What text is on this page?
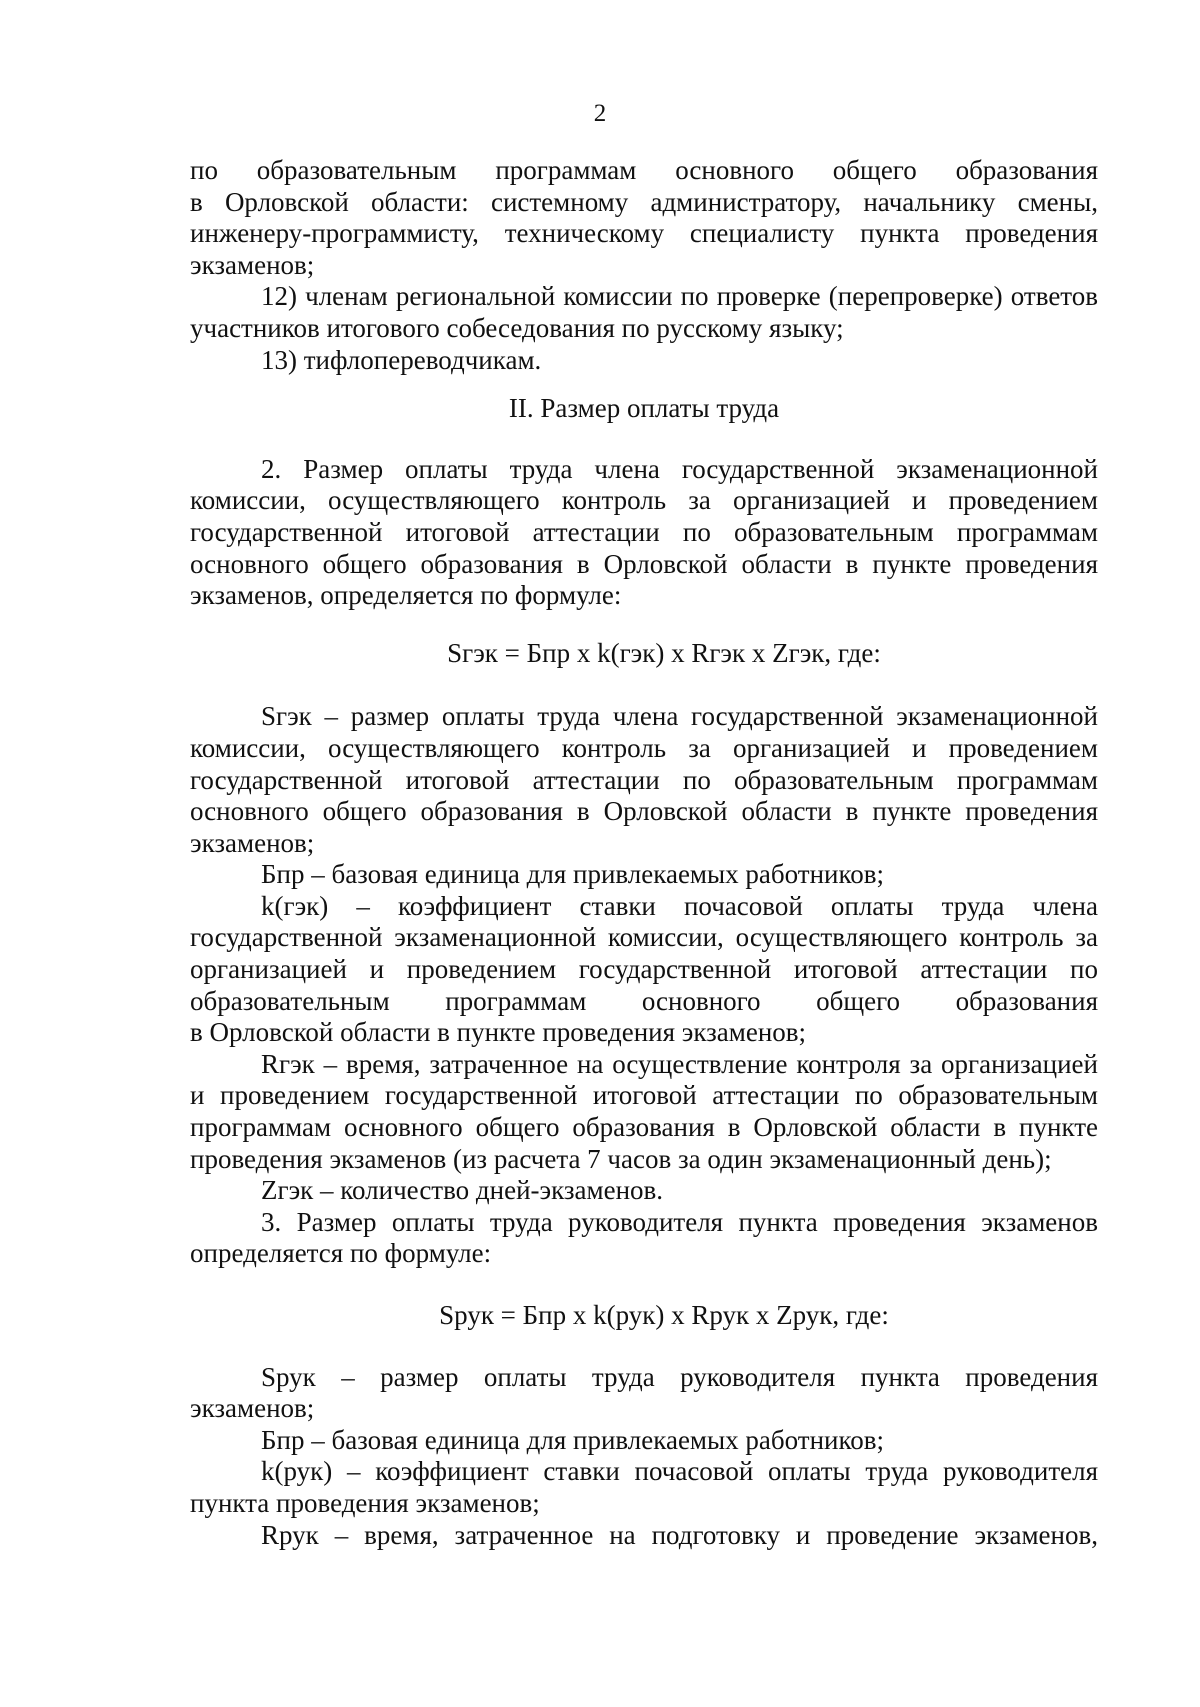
2

по образовательным программам основного общего образования

в Орловской области: системному администратору, начальнику смены, инженеру-программисту, техническому специалисту пункта проведения экзаменов;

12) членам региональной комиссии по проверке (перепроверке) ответов участников итогового собеседования по русскому языку;

13) тифлопереводчикам.

II. Размер оплаты труда

2. Размер оплаты труда члена государственной экзаменационной комиссии, осуществляющего контроль за организацией и проведением государственной итоговой аттестации по образовательным программам основного общего образования в Орловской области в пункте проведения экзаменов, определяется по формуле:

Sгэк = Бпр x k(гэк) x Rгэк x Zгэк, где:

Sгэк – размер оплаты труда члена государственной экзаменационной комиссии, осуществляющего контроль за организацией и проведением государственной итоговой аттестации по образовательным программам основного общего образования в Орловской области в пункте проведения экзаменов;

Бпр – базовая единица для привлекаемых работников;

k(гэк) – коэффициент ставки почасовой оплаты труда члена государственной экзаменационной комиссии, осуществляющего контроль за организацией и проведением государственной итоговой аттестации по образовательным программам основного общего образования

в Орловской области в пункте проведения экзаменов;

Rгэк – время, затраченное на осуществление контроля за организацией и проведением государственной итоговой аттестации по образовательным программам основного общего образования в Орловской области в пункте проведения экзаменов (из расчета 7 часов за один экзаменационный день);

Zгэк – количество дней-экзаменов.

3. Размер оплаты труда руководителя пункта проведения экзаменов определяется по формуле:

Sрук = Бпр x k(рук) x Rрук x Zрук, где:

Sрук – размер оплаты труда руководителя пункта проведения экзаменов;

Бпр – базовая единица для привлекаемых работников;

k(рук) – коэффициент ставки почасовой оплаты труда руководителя пункта проведения экзаменов;

Rрук – время, затраченное на подготовку и проведение экзаменов,
